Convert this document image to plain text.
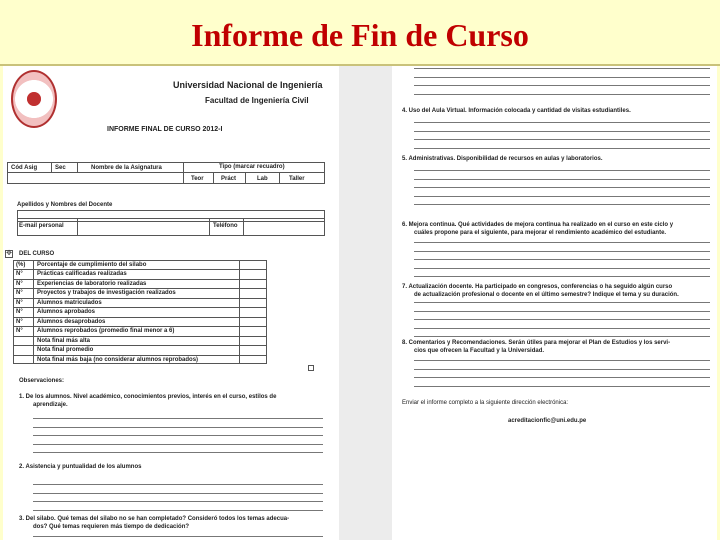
Informe de Fin de Curso
Universidad Nacional de Ingeniería
Facultad de Ingeniería Civil
INFORME FINAL DE CURSO 2012-I
Cód Asig	Sec	Nombre de la Asignatura	Tipo (marcar recuadro)
Teor	Práct	Lab	Taller
Apellidos y Nombres del Docente
E-mail personal	Teléfono
DEL CURSO
✥
Observaciones:
1. De los alumnos. Nivel académico, conocimientos previos, interés en el curso, estilos de
aprendizaje.
2. Asistencia y puntualidad de los alumnos
3. Del silabo. Qué temas del silabo no se han completado? Consideró todos los temas adecua-
dos? Qué temas requieren más tiempo de dedicación?
(%) Porcentaje de cumplimiento del silabo
N° Prácticas calificadas realizadas
N° Experiencias de laboratorio realizadas
N° Proyectos y trabajos de investigación realizados
N° Alumnos matriculados
N° Alumnos aprobados
N° Alumnos desaprobados
N° Alumnos reprobados (promedio final menor a 6)
Nota final más alta
Nota final promedio
Nota final más baja (no considerar alumnos reprobados)
4. Uso del Aula Virtual. Información colocada y cantidad de visitas estudiantiles.
5. Administrativas. Disponibilidad de recursos en aulas y laboratorios.
6. Mejora continua. Qué actividades de mejora continua ha realizado en el curso en este ciclo y
cuáles propone para el siguiente, para mejorar el rendimiento académico del estudiante.
7. Actualización docente. Ha participado en congresos, conferencias o ha seguido algún curso
de actualización profesional o docente en el último semestre? Indique el tema y su duración.
8. Comentarios y Recomendaciones. Serán útiles para mejorar el Plan de Estudios y los servi-
cios que ofrecen la Facultad y la Universidad.
Enviar el informe completo a la siguiente dirección electrónica:
acreditacionfic@uni.edu.pe
